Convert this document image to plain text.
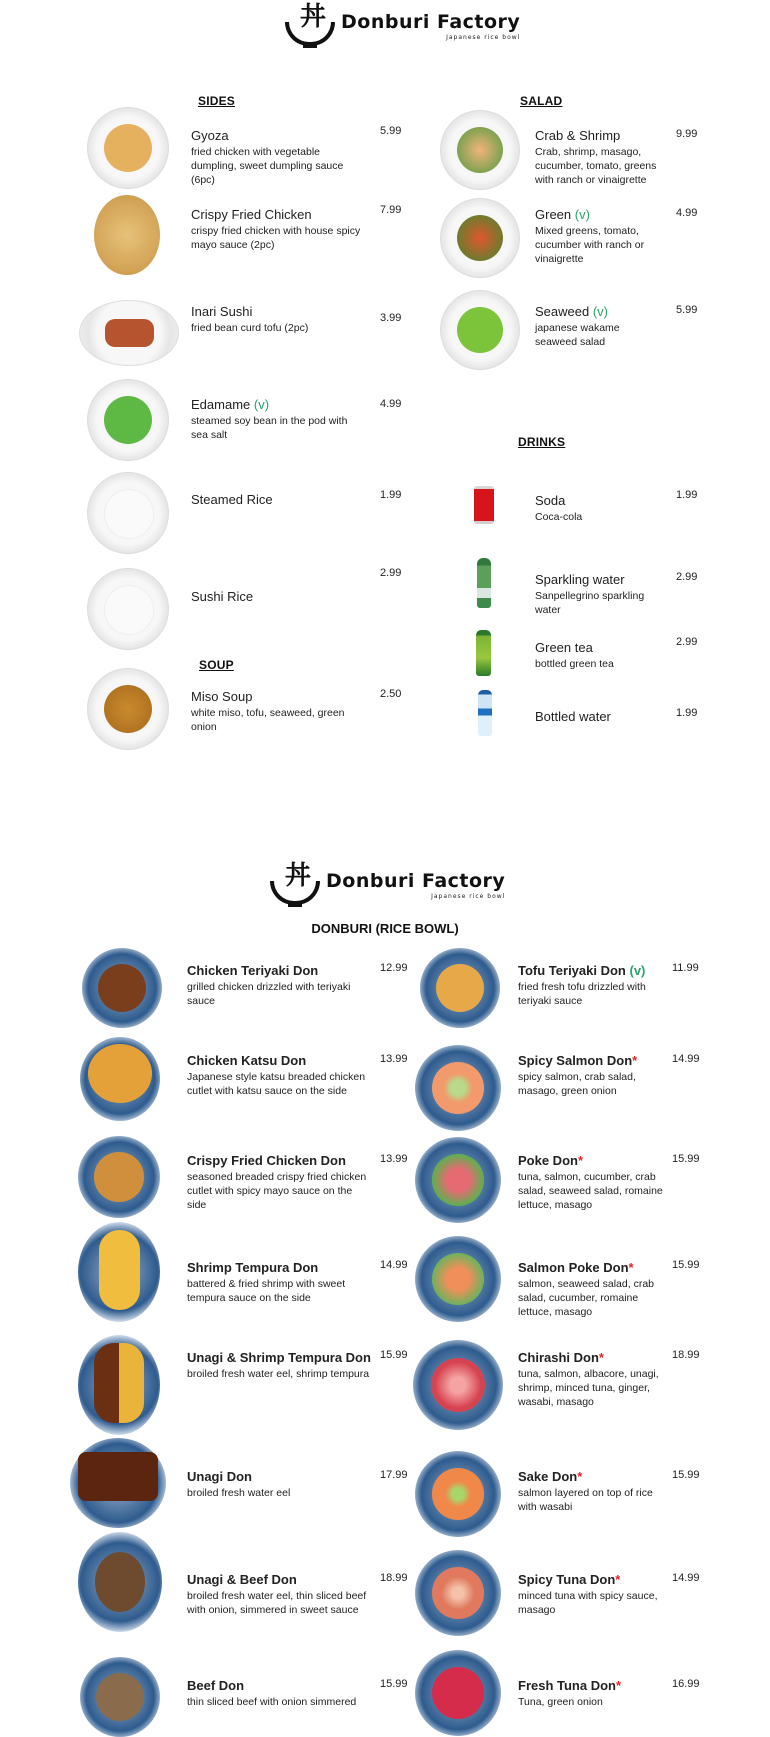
丼 Donburi Factory
Japanese rice bowl
SIDES	SALAD
DRINKS
SOUP
Gyoza
fried chicken with vegetable dumpling, sweet dumpling sauce (6pc)
5.99
Crispy Fried Chicken
crispy fried chicken with house spicy mayo sauce (2pc)
7.99
Inari Sushi
fried bean curd tofu (2pc)
3.99
Edamame (v)
steamed soy bean in the pod with sea salt
4.99
Steamed Rice	1.99
Sushi Rice
2.99
Miso Soup
white miso, tofu, seaweed, green onion
2.50
Crab & Shrimp
Crab, shrimp, masago, cucumber, tomato, greens with ranch or vinaigrette
9.99
Green (v)
Mixed greens, tomato, cucumber with ranch or vinaigrette
4.99
Seaweed (v)
japanese wakame seaweed salad
5.99
Soda
Coca-cola
1.99
Sparkling water
Sanpellegrino sparkling water
2.99
Green tea
bottled green tea
2.99
Bottled water	1.99
丼 Donburi Factory
Japanese rice bowl
DONBURI (RICE BOWL)
Chicken Teriyaki Don
grilled chicken drizzled with teriyaki sauce
12.99
Chicken Katsu Don
Japanese style katsu breaded chicken cutlet with katsu sauce on the side
13.99
Crispy Fried Chicken Don
seasoned breaded crispy fried chicken cutlet with spicy mayo sauce on the side
13.99
Shrimp Tempura Don
battered & fried shrimp with sweet tempura sauce on the side
14.99
Unagi & Shrimp Tempura Don
broiled fresh water eel, shrimp tempura
15.99
Unagi Don
broiled fresh water eel
17.99
Unagi & Beef Don
broiled fresh water eel, thin sliced beef with onion, simmered in sweet sauce
18.99
Beef Don
thin sliced beef with onion simmered
15.99
Tofu Teriyaki Don (v)
fried fresh tofu drizzled with teriyaki sauce
11.99
Spicy Salmon Don*
spicy salmon, crab salad, masago, green onion
14.99
Poke Don*
tuna, salmon, cucumber, crab salad, seaweed salad, romaine lettuce, masago
15.99
Salmon Poke Don*
salmon, seaweed salad, crab salad, cucumber, romaine lettuce, masago
15.99
Chirashi Don*
tuna, salmon, albacore, unagi, shrimp, minced tuna, ginger, wasabi, masago
18.99
Sake Don*
salmon layered on top of rice with wasabi
15.99
Spicy Tuna Don*
minced tuna with spicy sauce, masago
14.99
Fresh Tuna Don*
Tuna, green onion
16.99
